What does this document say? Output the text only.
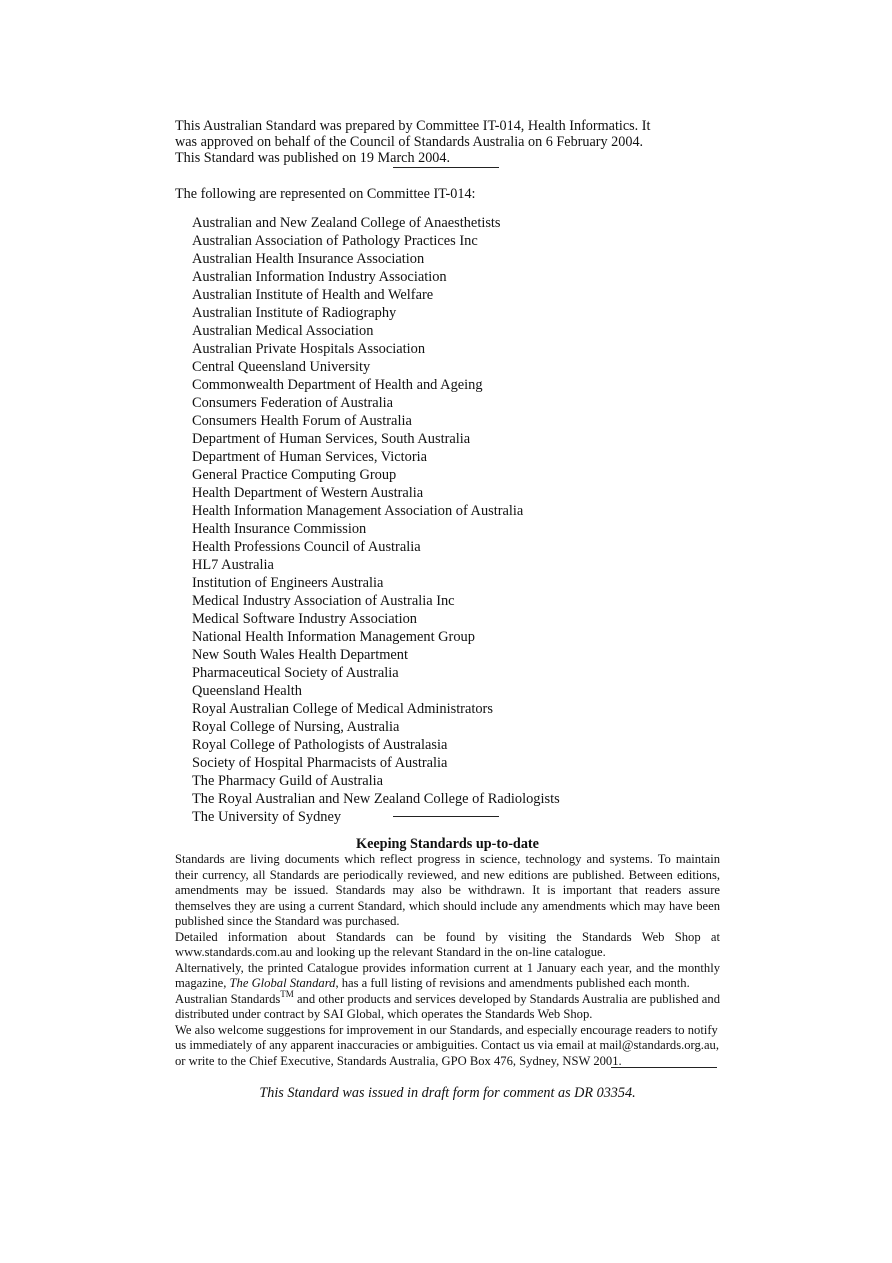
This Australian Standard was prepared by Committee IT-014, Health Informatics. It
was approved on behalf of the Council of Standards Australia on 6 February 2004.
This Standard was published on 19 March 2004.
The following are represented on Committee IT-014:
Australian and New Zealand College of Anaesthetists
Australian Association of Pathology Practices Inc
Australian Health Insurance Association
Australian Information Industry Association
Australian Institute of Health and Welfare
Australian Institute of Radiography
Australian Medical Association
Australian Private Hospitals Association
Central Queensland University
Commonwealth Department of Health and Ageing
Consumers Federation of Australia
Consumers Health Forum of Australia
Department of Human Services, South Australia
Department of Human Services, Victoria
General Practice Computing Group
Health Department of Western Australia
Health Information Management Association of Australia
Health Insurance Commission
Health Professions Council of Australia
HL7 Australia
Institution of Engineers Australia
Medical Industry Association of Australia Inc
Medical Software Industry Association
National Health Information Management Group
New South Wales Health Department
Pharmaceutical Society of Australia
Queensland Health
Royal Australian College of Medical Administrators
Royal College of Nursing, Australia
Royal College of Pathologists of Australasia
Society of Hospital Pharmacists of Australia
The Pharmacy Guild of Australia
The Royal Australian and New Zealand College of Radiologists
The University of Sydney
Keeping Standards up-to-date

Standards are living documents which reflect progress in science, technology and systems. To maintain their currency, all Standards are periodically reviewed, and new editions are published. Between editions, amendments may be issued. Standards may also be withdrawn. It is important that readers assure themselves they are using a current Standard, which should include any amendments which may have been published since the Standard was purchased.

Detailed information about Standards can be found by visiting the Standards Web Shop at www.standards.com.au and looking up the relevant Standard in the on-line catalogue.

Alternatively, the printed Catalogue provides information current at 1 January each year, and the monthly magazine, The Global Standard, has a full listing of revisions and amendments published each month.

Australian Standards™ and other products and services developed by Standards Australia are published and distributed under contract by SAI Global, which operates the Standards Web Shop.

We also welcome suggestions for improvement in our Standards, and especially encourage readers to notify us immediately of any apparent inaccuracies or ambiguities. Contact us via email at mail@standards.org.au, or write to the Chief Executive, Standards Australia, GPO Box 476, Sydney, NSW 2001.

This Standard was issued in draft form for comment as DR 03354.
